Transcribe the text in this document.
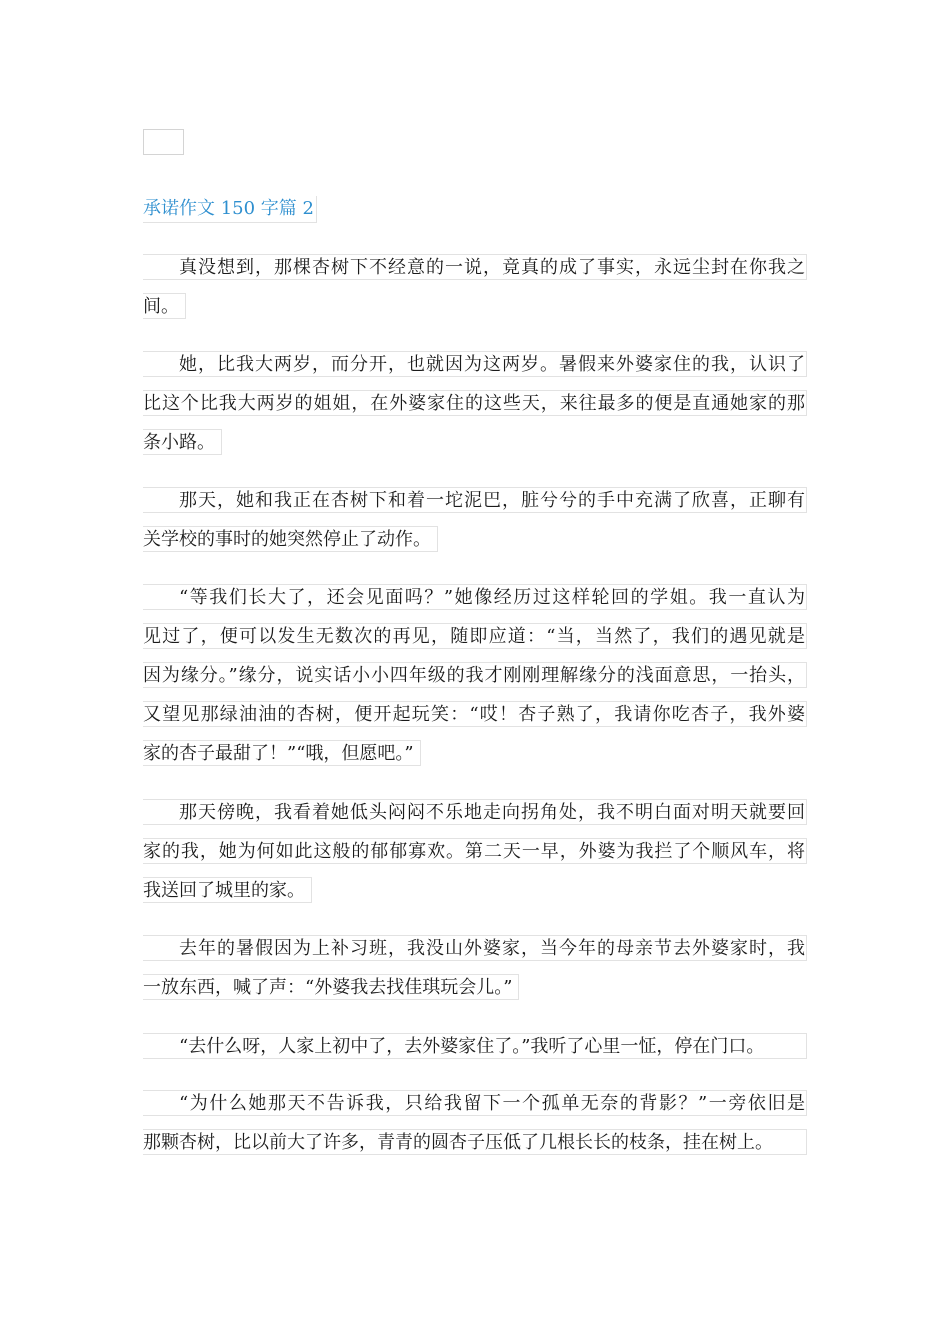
承诺作文 150 字篇 2
真没想到，那棵杏树下不经意的一说，竟真的成了事实，永远尘封在你我之
间。
她，比我大两岁，而分开，也就因为这两岁。暑假来外婆家住的我，认识了
比这个比我大两岁的姐姐，在外婆家住的这些天，来往最多的便是直通她家的那
条小路。
那天，她和我正在杏树下和着一坨泥巴，脏兮兮的手中充满了欣喜，正聊有
关学校的事时的她突然停止了动作。
“等我们长大了，还会见面吗？”她像经历过这样轮回的学姐。我一直认为
见过了，便可以发生无数次的再见，随即应道：“当，当然了，我们的遇见就是
因为缘分。”缘分，说实话小小四年级的我才刚刚理解缘分的浅面意思，一抬头，
又望见那绿油油的杏树，便开起玩笑：“哎！杏子熟了，我请你吃杏子，我外婆
家的杏子最甜了！”“哦，但愿吧。”
那天傍晚，我看着她低头闷闷不乐地走向拐角处，我不明白面对明天就要回
家的我，她为何如此这般的郁郁寡欢。第二天一早，外婆为我拦了个顺风车，将
我送回了城里的家。
去年的暑假因为上补习班，我没山外婆家，当今年的母亲节去外婆家时，我
一放东西，喊了声：“外婆我去找佳琪玩会儿。”
“去什么呀，人家上初中了，去外婆家住了。”我听了心里一怔，停在门口。
“为什么她那天不告诉我，只给我留下一个孤单无奈的背影？”一旁依旧是
那颗杏树，比以前大了许多，青青的圆杏子压低了几根长长的枝条，挂在树上。
